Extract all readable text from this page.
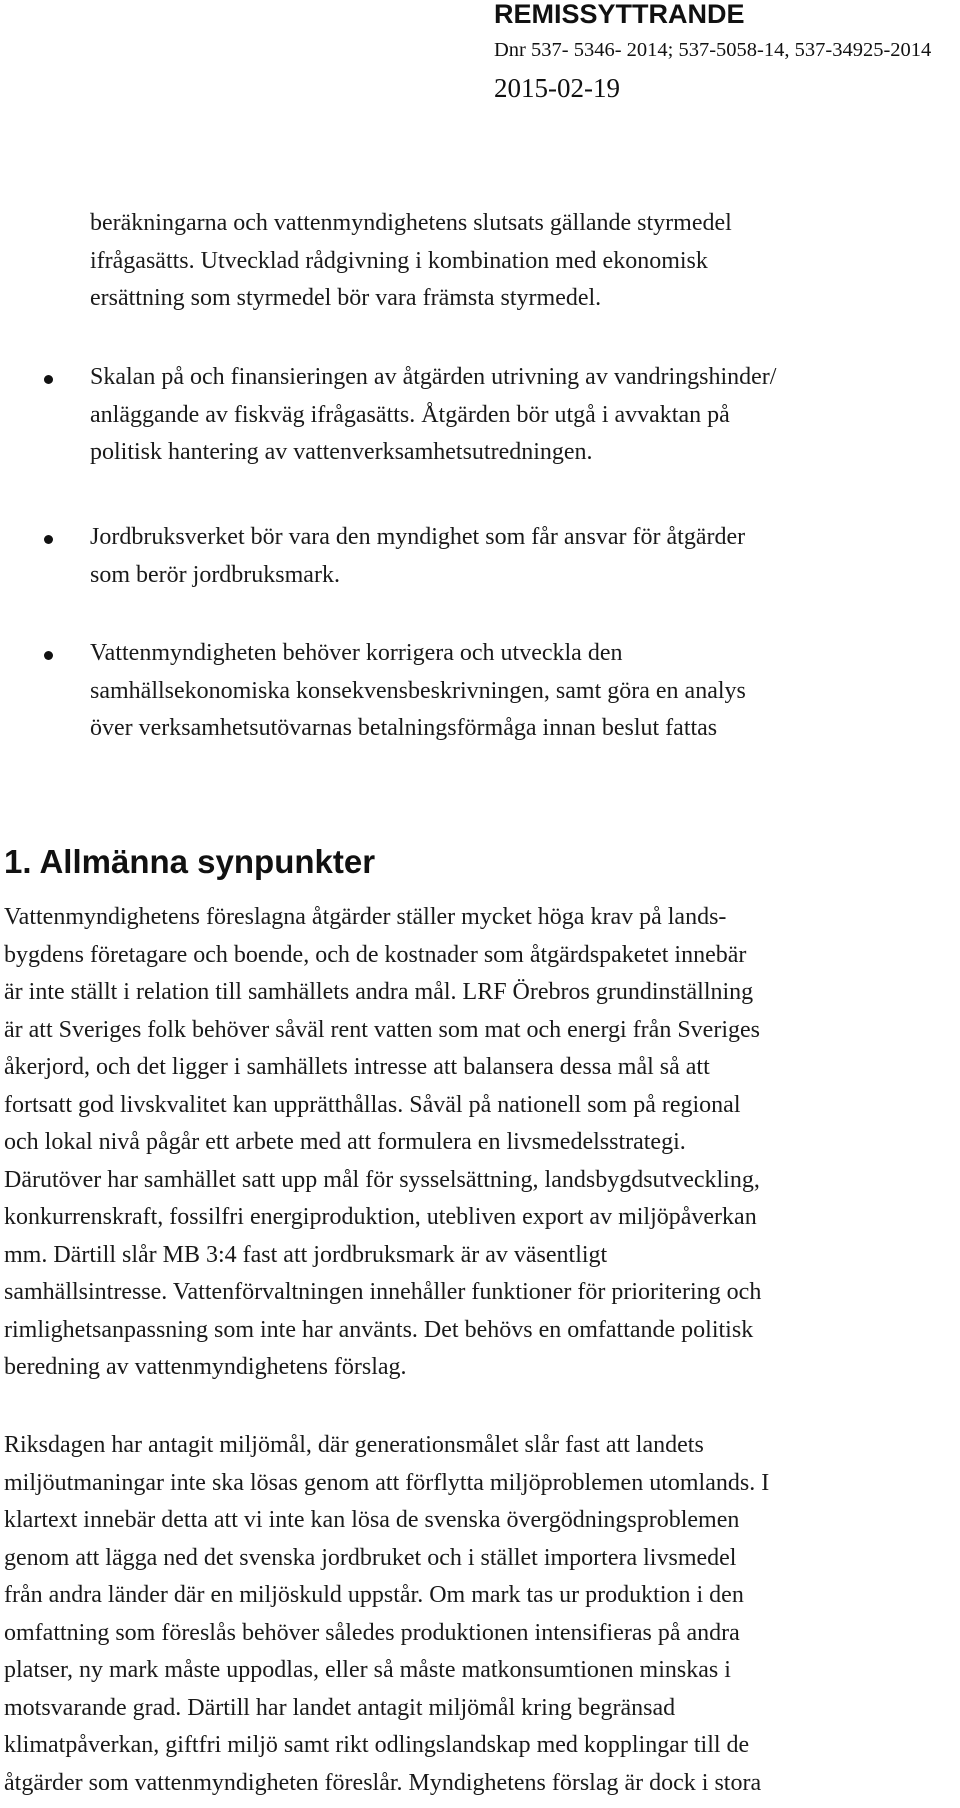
REMISSYTTRANDE
Dnr 537- 5346- 2014; 537-5058-14, 537-34925-2014
2015-02-19
beräkningarna och vattenmyndighetens slutsats gällande styrmedel
ifrågasätts. Utvecklad rådgivning i kombination med ekonomisk
ersättning som styrmedel bör vara främsta styrmedel.
Skalan på och finansieringen av åtgärden utrivning av vandringshinder/
anläggande av fiskväg ifrågasätts. Åtgärden bör utgå i avvaktan på
politisk hantering av vattenverksamhetsutredningen.
Jordbruksverket bör vara den myndighet som får ansvar för åtgärder
som berör jordbruksmark.
Vattenmyndigheten behöver korrigera och utveckla den
samhällsekonomiska konsekvensbeskrivningen, samt göra en analys
över verksamhetsutövarnas betalningsförmåga innan beslut fattas
1. Allmänna synpunkter
Vattenmyndighetens föreslagna åtgärder ställer mycket höga krav på lands-
bygdens företagare och boende, och de kostnader som åtgärdspaketet innebär
är inte ställt i relation till samhällets andra mål. LRF Örebros grundinställning
är att Sveriges folk behöver såväl rent vatten som mat och energi från Sveriges
åkerjord, och det ligger i samhällets intresse att balansera dessa mål så att
fortsatt god livskvalitet kan upprätthållas. Såväl på nationell som på regional
och lokal nivå pågår ett arbete med att formulera en livsmedelsstrategi.
Därutöver har samhället satt upp mål för sysselsättning, landsbygdsutveckling,
konkurrenskraft, fossilfri energiproduktion, utebliven export av miljöpåverkan
mm. Därtill slår MB 3:4 fast att jordbruksmark är av väsentligt
samhällsintresse. Vattenförvaltningen innehåller funktioner för prioritering och
rimlighetsanpassning som inte har använts. Det behövs en omfattande politisk
beredning av vattenmyndighetens förslag.
Riksdagen har antagit miljömål, där generationsmålet slår fast att landets
miljöutmaningar inte ska lösas genom att förflytta miljöproblemen utomlands. I
klartext innebär detta att vi inte kan lösa de svenska övergödningsproblemen
genom att lägga ned det svenska jordbruket och i stället importera livsmedel
från andra länder där en miljöskuld uppstår. Om mark tas ur produktion i den
omfattning som föreslås behöver således produktionen intensifieras på andra
platser, ny mark måste uppodlas, eller så måste matkonsumtionen minskas i
motsvarande grad. Därtill har landet antagit miljömål kring begränsad
klimatpåverkan, giftfri miljö samt rikt odlingslandskap med kopplingar till de
åtgärder som vattenmyndigheten föreslår. Myndighetens förslag är dock i stora
